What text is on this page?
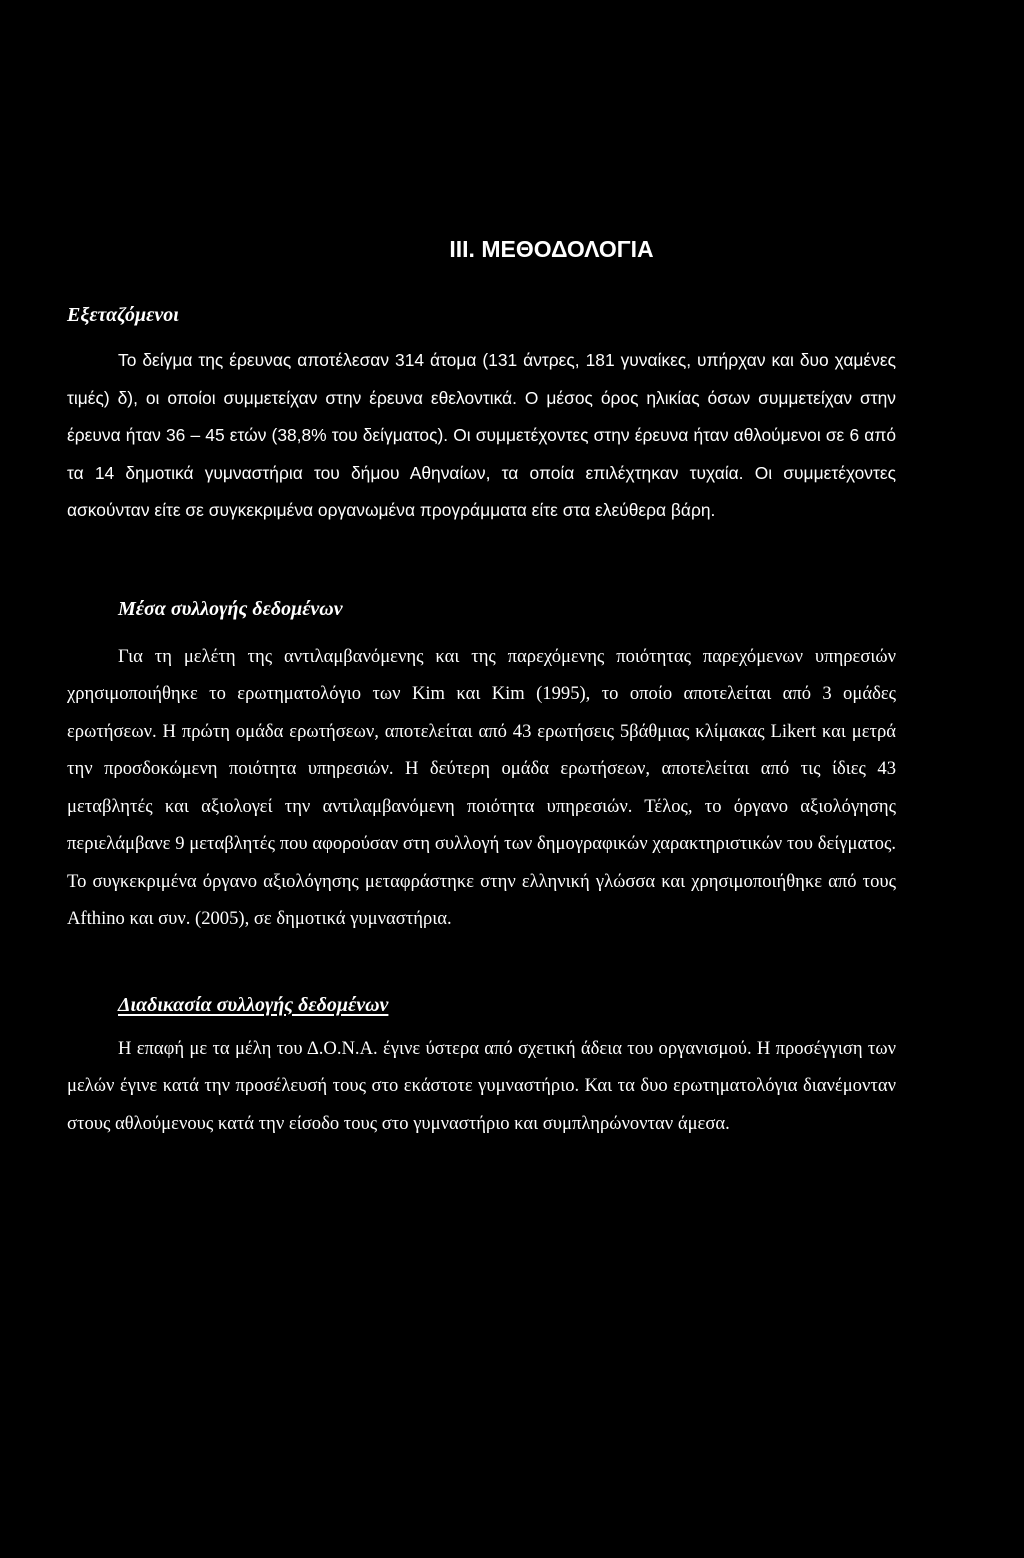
III. ΜΕΘΟΔΟΛΟΓΙΑ
Εξεταζόμενοι

Το δείγμα της έρευνας αποτέλεσαν 314 άτομα (131 άντρες, 181 γυναίκες, υπήρχαν και δυο χαμένες τιμές) δ), οι οποίοι συμμετείχαν στην έρευνα εθελοντικά. Ο μέσος όρος ηλικίας όσων συμμετείχαν στην έρευνα ήταν 36 – 45 ετών (38,8% του δείγματος). Οι συμμετέχοντες στην έρευνα ήταν αθλούμενοι σε 6 από τα 14 δημοτικά γυμναστήρια του δήμου Αθηναίων, τα οποία επιλέχτηκαν τυχαία. Οι συμμετέχοντες ασκούνταν είτε σε συγκεκριμένα οργανωμένα προγράμματα είτε στα ελεύθερα βάρη.

Μέσα συλλογής δεδομένων

Για τη μελέτη της αντιλαμβανόμενης και της παρεχόμενης ποιότητας παρεχόμενων υπηρεσιών χρησιμοποιήθηκε το ερωτηματολόγιο των Kim και Kim (1995), το οποίο αποτελείται από 3 ομάδες ερωτήσεων. Η πρώτη ομάδα ερωτήσεων, αποτελείται από 43 ερωτήσεις 5βάθμιας κλίμακας Likert και μετρά την προσδοκώμενη ποιότητα υπηρεσιών. Η δεύτερη ομάδα ερωτήσεων, αποτελείται από τις ίδιες 43 μεταβλητές και αξιολογεί την αντιλαμβανόμενη ποιότητα υπηρεσιών. Τέλος, το όργανο αξιολόγησης περιελάμβανε 9 μεταβλητές που αφορούσαν στη συλλογή των δημογραφικών χαρακτηριστικών του δείγματος. Το συγκεκριμένα όργανο αξιολόγησης μεταφράστηκε στην ελληνική γλώσσα και χρησιμοποιήθηκε από τους Afthino και συν. (2005), σε δημοτικά γυμναστήρια.

Διαδικασία συλλογής δεδομένων

Η επαφή με τα μέλη του Δ.Ο.Ν.Α. έγινε ύστερα από σχετική άδεια του οργανισμού. Η προσέγγιση των μελών έγινε κατά την προσέλευσή τους στο εκάστοτε γυμναστήριο. Και τα δυο ερωτηματολόγια διανέμονταν στους αθλούμενους κατά την είσοδο τους στο γυμναστήριο και συμπληρώνονταν άμεσα.
